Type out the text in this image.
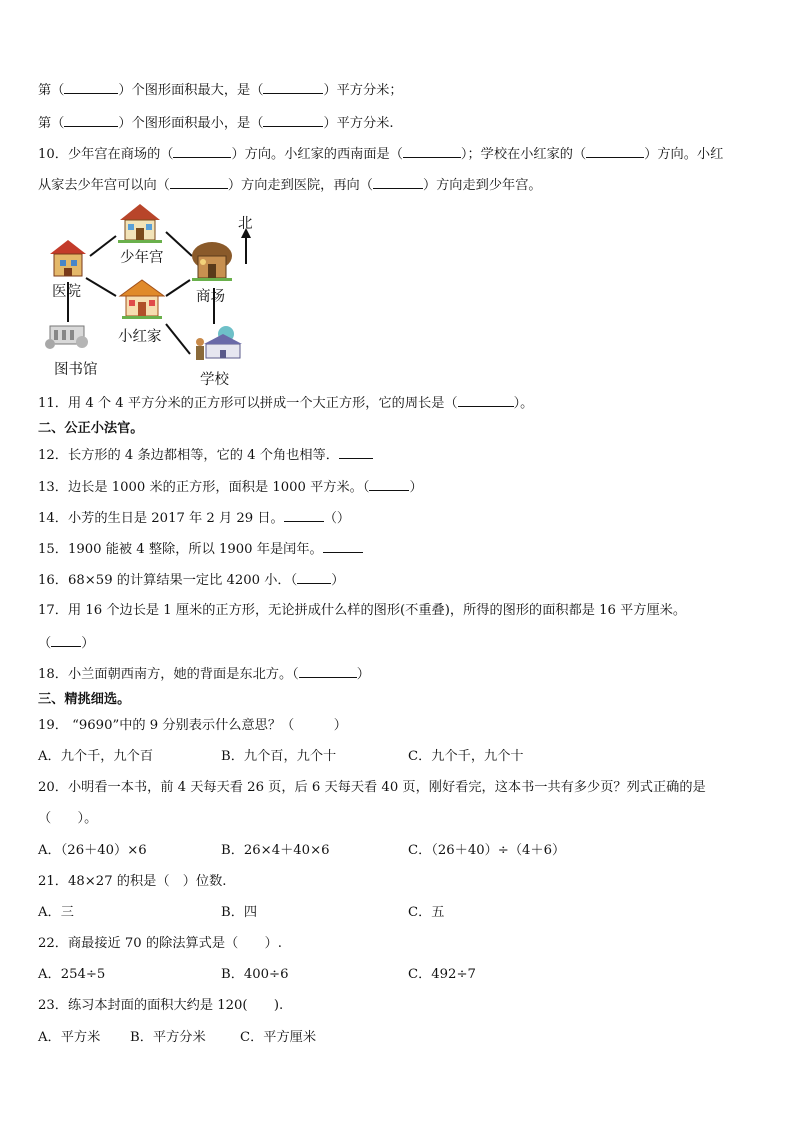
第（	）个图形面积最大，是（	）平方分米；
第（	）个图形面积最小，是（	）平方分米.
10．少年宫在商场的（	）方向。小红家的西南面是（	）；学校在小红家的（	）方向。小红
从家去少年宫可以向（	）方向走到医院，再向（	）方向走到少年宫。
少年宫
医院	商场
小红家
图书馆
学校
北
11．用 4 个 4 平方分米的正方形可以拼成一个大正方形，它的周长是（	）。
二、公正小法官。
12．长方形的 4 条边都相等，它的 4 个角也相等．
13．边长是 1000 米的正方形，面积是 1000 平方米。（	）
14．小芳的生日是 2017 年 2 月 29 日。	（）
15．1900 能被 4 整除，所以 1900 年是闰年。
16．68×59 的计算结果一定比 4200 小．（	）
17．用 16 个边长是 1 厘米的正方形，无论拼成什么样的图形(不重叠)，所得的图形的面积都是 16 平方厘米。
（ ）
18．小兰面朝西南方，她的背面是东北方。（	）
三、精挑细选。
19． “9690”中的 9 分别表示什么意思？（　　　）
A．九个千，九个百	B．九个百，九个十	C．九个千，九个十
20．小明看一本书，前 4 天每天看 26 页，后 6 天每天看 40 页，刚好看完，这本书一共有多少页？列式正确的是
（　　）。
A．（26＋40）×6	B．26×4＋40×6	C．（26＋40）÷（4＋6）
21．48×27 的积是（　）位数.
A．三	B．四	C．五
22．商最接近 70 的除法算式是（　　）.
A．254÷5	B．400÷6	C．492÷7
23．练习本封面的面积大约是 120(　　).
A．平方米 B．平方分米	C．平方厘米
